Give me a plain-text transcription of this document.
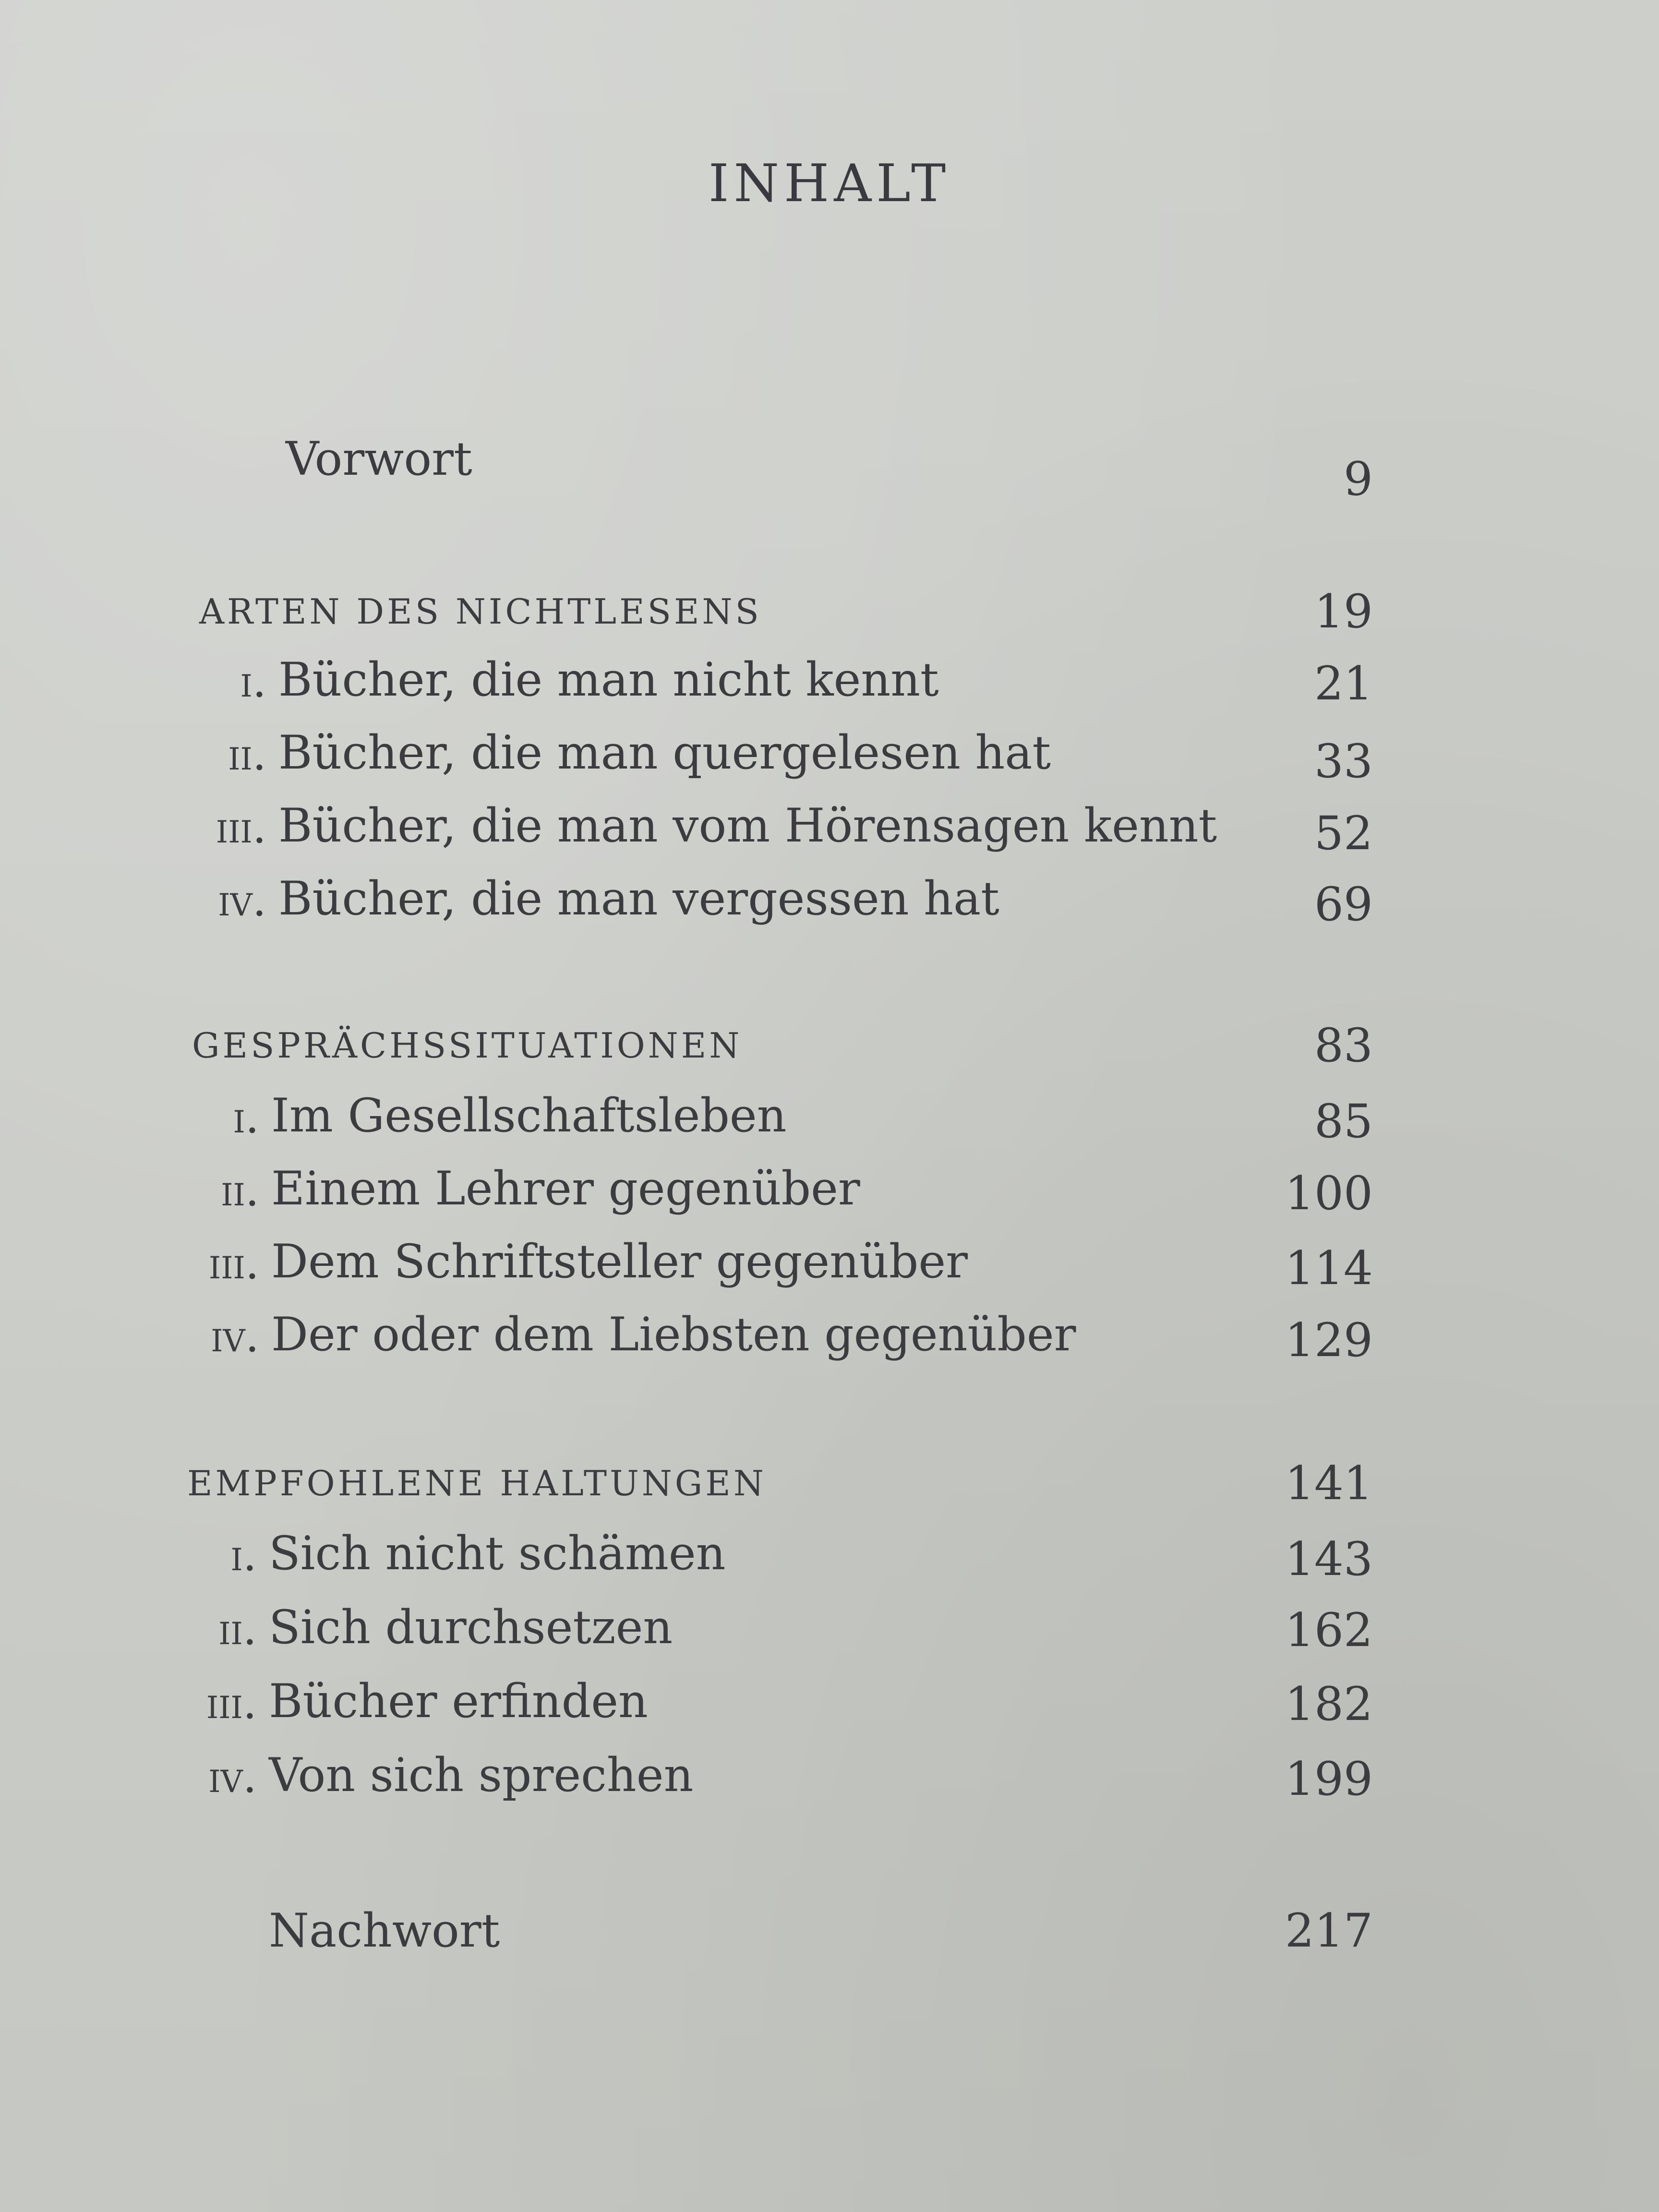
INHALT
Vorwort	9
ARTEN DES NICHTLESENS	19
i. Bücher, die man nicht kennt	21
ii. Bücher, die man quergelesen hat	33
iii. Bücher, die man vom Hörensagen kennt	52
iv. Bücher, die man vergessen hat	69
GESPRÄCHSSITUATIONEN	83
i. Im Gesellschaftsleben	85
ii. Einem Lehrer gegenüber	100
iii. Dem Schriftsteller gegenüber	114
iv. Der oder dem Liebsten gegenüber	129
EMPFOHLENE HALTUNGEN	141
i. Sich nicht schämen	143
ii. Sich durchsetzen	162
iii. Bücher erfinden	182
iv. Von sich sprechen	199
Nachwort	217
